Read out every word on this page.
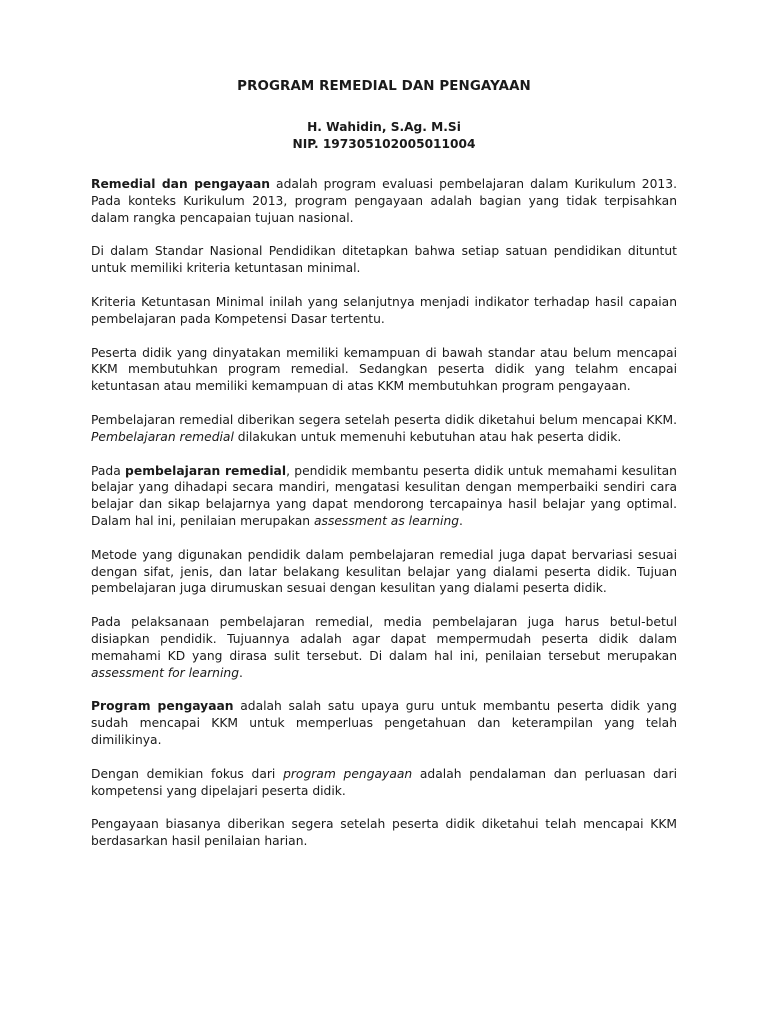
PROGRAM REMEDIAL DAN PENGAYAAN
H. Wahidin, S.Ag. M.Si
NIP. 197305102005011004

Remedial dan pengayaan adalah program evaluasi pembelajaran dalam Kurikulum 2013. Pada konteks Kurikulum 2013, program pengayaan adalah bagian yang tidak terpisahkan dalam rangka pencapaian tujuan nasional.

Di dalam Standar Nasional Pendidikan ditetapkan bahwa setiap satuan pendidikan dituntut untuk memiliki kriteria ketuntasan minimal.

Kriteria Ketuntasan Minimal inilah yang selanjutnya menjadi indikator terhadap hasil capaian pembelajaran pada Kompetensi Dasar tertentu.

Peserta didik yang dinyatakan memiliki kemampuan di bawah standar atau belum mencapai KKM membutuhkan program remedial. Sedangkan peserta didik yang telahm encapai ketuntasan atau memiliki kemampuan di atas KKM membutuhkan program pengayaan.

Pembelajaran remedial diberikan segera setelah peserta didik diketahui belum mencapai KKM. Pembelajaran remedial dilakukan untuk memenuhi kebutuhan atau hak peserta didik.

Pada pembelajaran remedial, pendidik membantu peserta didik untuk memahami kesulitan belajar yang dihadapi secara mandiri, mengatasi kesulitan dengan memperbaiki sendiri cara belajar dan sikap belajarnya yang dapat mendorong tercapainya hasil belajar yang optimal. Dalam hal ini, penilaian merupakan assessment as learning.

Metode yang digunakan pendidik dalam pembelajaran remedial juga dapat bervariasi sesuai dengan sifat, jenis, dan latar belakang kesulitan belajar yang dialami peserta didik. Tujuan pembelajaran juga dirumuskan sesuai dengan kesulitan yang dialami peserta didik.

Pada pelaksanaan pembelajaran remedial, media pembelajaran juga harus betul-betul disiapkan pendidik. Tujuannya adalah agar dapat mempermudah peserta didik dalam memahami KD yang dirasa sulit tersebut. Di dalam hal ini, penilaian tersebut merupakan assessment for learning.

Program pengayaan adalah salah satu upaya guru untuk membantu peserta didik yang sudah mencapai KKM untuk memperluas pengetahuan dan keterampilan yang telah dimilikinya.

Dengan demikian fokus dari program pengayaan adalah pendalaman dan perluasan dari kompetensi yang dipelajari peserta didik.

Pengayaan biasanya diberikan segera setelah peserta didik diketahui telah mencapai KKM berdasarkan hasil penilaian harian.
